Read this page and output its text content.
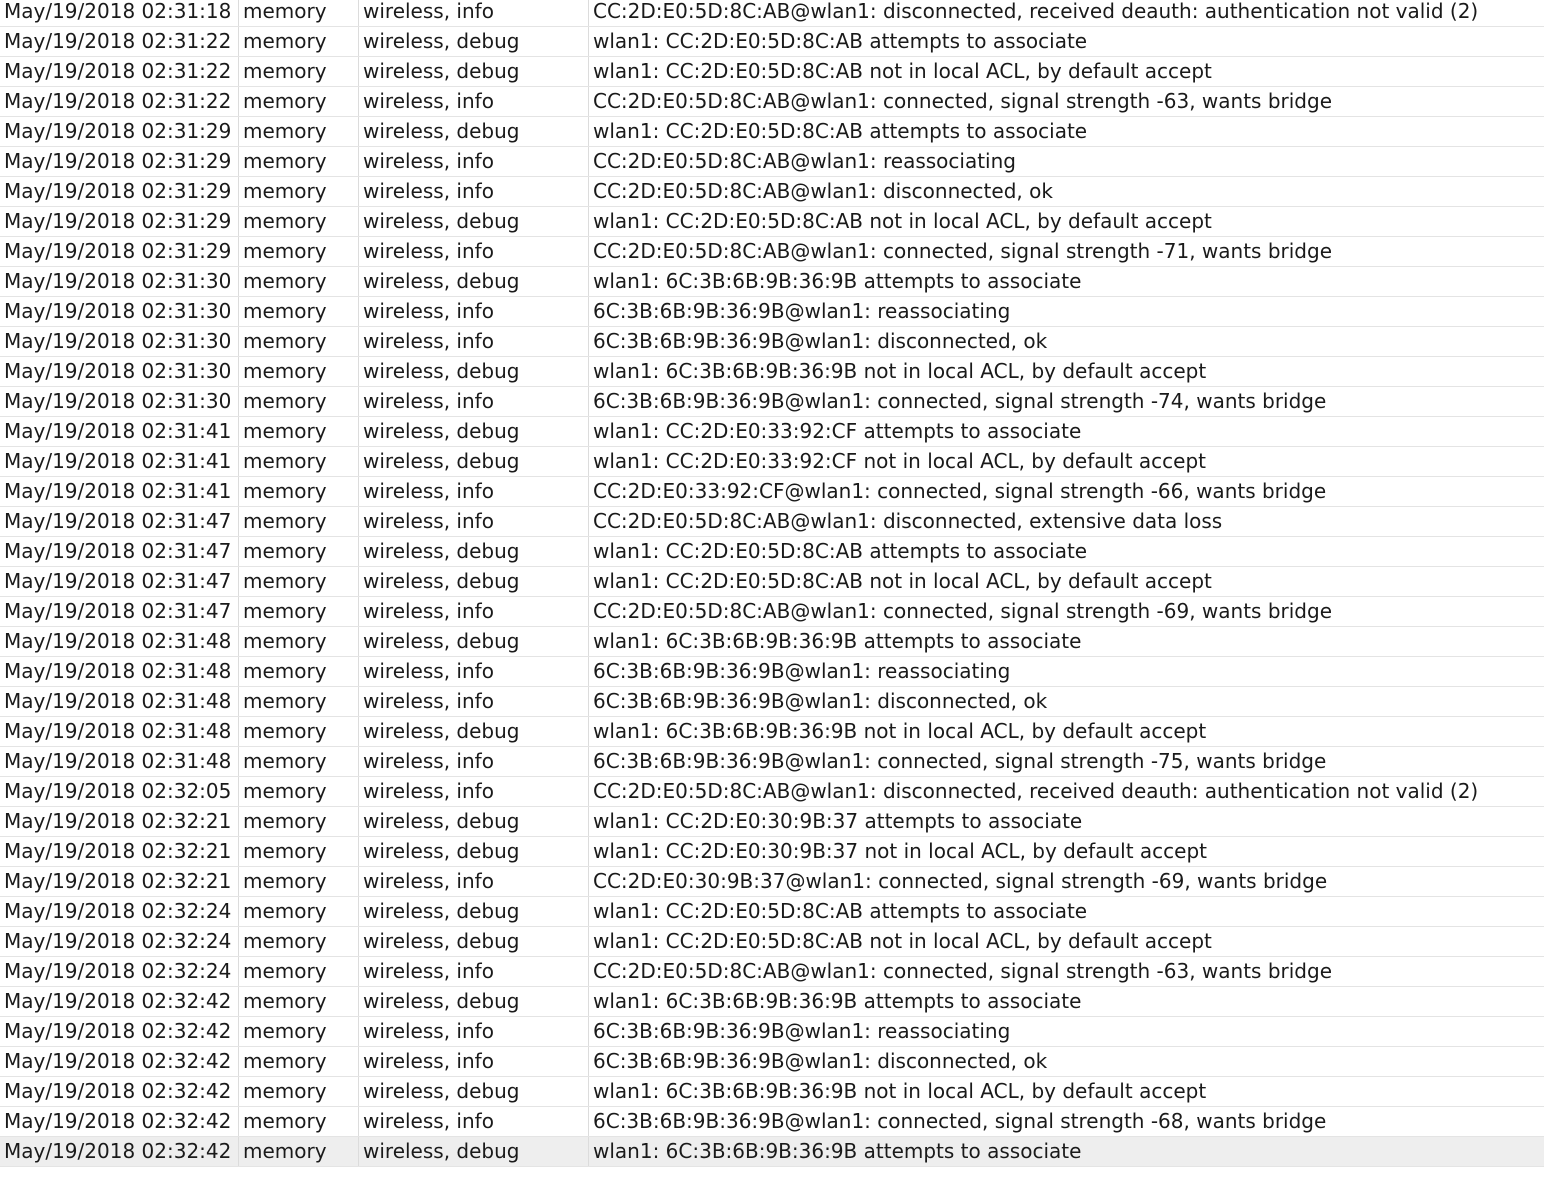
May/19/2018 02:31:18 memory	wireless, info	CC:2D:E0:5D:8C:AB@wlan1: disconnected, received deauth: authentication not valid (2)
May/19/2018 02:31:22 memory	wireless, debug	wlan1: CC:2D:E0:5D:8C:AB attempts to associate
May/19/2018 02:31:22 memory	wireless, debug	wlan1: CC:2D:E0:5D:8C:AB not in local ACL, by default accept
May/19/2018 02:31:22 memory	wireless, info	CC:2D:E0:5D:8C:AB@wlan1: connected, signal strength -63, wants bridge
May/19/2018 02:31:29 memory	wireless, debug	wlan1: CC:2D:E0:5D:8C:AB attempts to associate
May/19/2018 02:31:29 memory	wireless, info	CC:2D:E0:5D:8C:AB@wlan1: reassociating
May/19/2018 02:31:29 memory	wireless, info	CC:2D:E0:5D:8C:AB@wlan1: disconnected, ok
May/19/2018 02:31:29 memory	wireless, debug	wlan1: CC:2D:E0:5D:8C:AB not in local ACL, by default accept
May/19/2018 02:31:29 memory	wireless, info	CC:2D:E0:5D:8C:AB@wlan1: connected, signal strength -71, wants bridge
May/19/2018 02:31:30 memory	wireless, debug	wlan1: 6C:3B:6B:9B:36:9B attempts to associate
May/19/2018 02:31:30 memory	wireless, info	6C:3B:6B:9B:36:9B@wlan1: reassociating
May/19/2018 02:31:30 memory	wireless, info	6C:3B:6B:9B:36:9B@wlan1: disconnected, ok
May/19/2018 02:31:30 memory	wireless, debug	wlan1: 6C:3B:6B:9B:36:9B not in local ACL, by default accept
May/19/2018 02:31:30 memory	wireless, info	6C:3B:6B:9B:36:9B@wlan1: connected, signal strength -74, wants bridge
May/19/2018 02:31:41 memory	wireless, debug	wlan1: CC:2D:E0:33:92:CF attempts to associate
May/19/2018 02:31:41 memory	wireless, debug	wlan1: CC:2D:E0:33:92:CF not in local ACL, by default accept
May/19/2018 02:31:41 memory	wireless, info	CC:2D:E0:33:92:CF@wlan1: connected, signal strength -66, wants bridge
May/19/2018 02:31:47 memory	wireless, info	CC:2D:E0:5D:8C:AB@wlan1: disconnected, extensive data loss
May/19/2018 02:31:47 memory	wireless, debug	wlan1: CC:2D:E0:5D:8C:AB attempts to associate
May/19/2018 02:31:47 memory	wireless, debug	wlan1: CC:2D:E0:5D:8C:AB not in local ACL, by default accept
May/19/2018 02:31:47 memory	wireless, info	CC:2D:E0:5D:8C:AB@wlan1: connected, signal strength -69, wants bridge
May/19/2018 02:31:48 memory	wireless, debug	wlan1: 6C:3B:6B:9B:36:9B attempts to associate
May/19/2018 02:31:48 memory	wireless, info	6C:3B:6B:9B:36:9B@wlan1: reassociating
May/19/2018 02:31:48 memory	wireless, info	6C:3B:6B:9B:36:9B@wlan1: disconnected, ok
May/19/2018 02:31:48 memory	wireless, debug	wlan1: 6C:3B:6B:9B:36:9B not in local ACL, by default accept
May/19/2018 02:31:48 memory	wireless, info	6C:3B:6B:9B:36:9B@wlan1: connected, signal strength -75, wants bridge
May/19/2018 02:32:05 memory	wireless, info	CC:2D:E0:5D:8C:AB@wlan1: disconnected, received deauth: authentication not valid (2)
May/19/2018 02:32:21 memory	wireless, debug	wlan1: CC:2D:E0:30:9B:37 attempts to associate
May/19/2018 02:32:21 memory	wireless, debug	wlan1: CC:2D:E0:30:9B:37 not in local ACL, by default accept
May/19/2018 02:32:21 memory	wireless, info	CC:2D:E0:30:9B:37@wlan1: connected, signal strength -69, wants bridge
May/19/2018 02:32:24 memory	wireless, debug	wlan1: CC:2D:E0:5D:8C:AB attempts to associate
May/19/2018 02:32:24 memory	wireless, debug	wlan1: CC:2D:E0:5D:8C:AB not in local ACL, by default accept
May/19/2018 02:32:24 memory	wireless, info	CC:2D:E0:5D:8C:AB@wlan1: connected, signal strength -63, wants bridge
May/19/2018 02:32:42 memory	wireless, debug	wlan1: 6C:3B:6B:9B:36:9B attempts to associate
May/19/2018 02:32:42 memory	wireless, info	6C:3B:6B:9B:36:9B@wlan1: reassociating
May/19/2018 02:32:42 memory	wireless, info	6C:3B:6B:9B:36:9B@wlan1: disconnected, ok
May/19/2018 02:32:42 memory	wireless, debug	wlan1: 6C:3B:6B:9B:36:9B not in local ACL, by default accept
May/19/2018 02:32:42 memory	wireless, info	6C:3B:6B:9B:36:9B@wlan1: connected, signal strength -68, wants bridge
May/19/2018 02:32:42 memory	wireless, debug	wlan1: 6C:3B:6B:9B:36:9B attempts to associate
